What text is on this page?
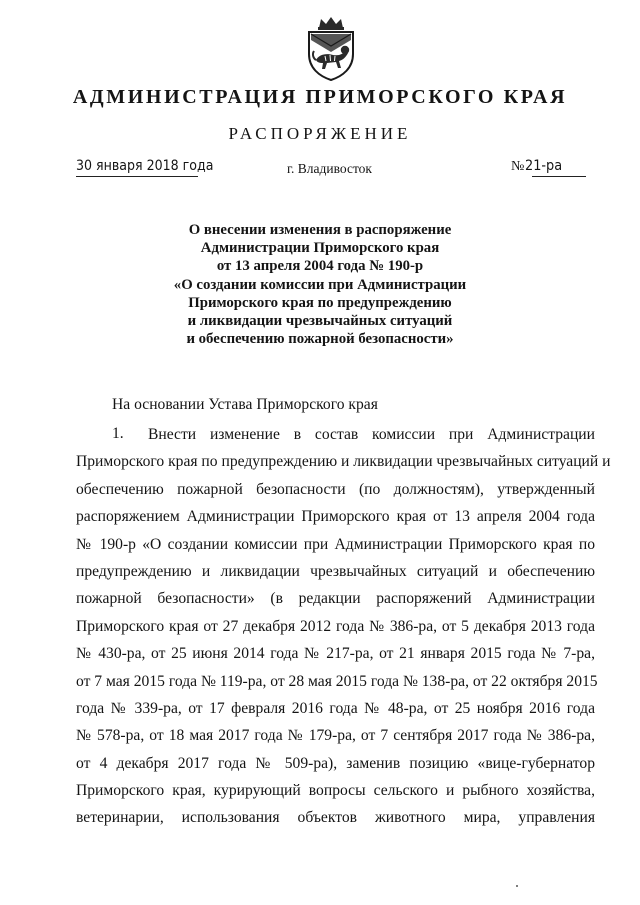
АДМИНИСТРАЦИЯ ПРИМОРСКОГО КРАЯ
РАСПОРЯЖЕНИЕ
30 января 2018 года	г. Владивосток	№21-ра
О внесении изменения в распоряжение
Администрации Приморского края
от 13 апреля 2004 года № 190-р
«О создании комиссии при Администрации
Приморского края по предупреждению
и ликвидации чрезвычайных ситуаций
и обеспечению пожарной безопасности»
На основании Устава Приморского края
1.	Внести изменение в состав комиссии при Администрации
Приморского края по предупреждению и ликвидации чрезвычайных ситуаций и
обеспечению пожарной безопасности (по должностям), утвержденный
распоряжением Администрации Приморского края от 13 апреля 2004 года
№ 190-р «О создании комиссии при Администрации Приморского края по
предупреждению и ликвидации чрезвычайных ситуаций и обеспечению
пожарной безопасности» (в редакции распоряжений Администрации
Приморского края от 27 декабря 2012 года № 386-ра, от 5 декабря 2013 года
№ 430-ра, от 25 июня 2014 года № 217-ра, от 21 января 2015 года № 7-ра,
от 7 мая 2015 года № 119-ра, от 28 мая 2015 года № 138-ра, от 22 октября 2015
года № 339-ра, от 17 февраля 2016 года № 48-ра, от 25 ноября 2016 года
№ 578-ра, от 18 мая 2017 года № 179-ра, от 7 сентября 2017 года № 386-ра,
от 4 декабря 2017 года № 509-ра), заменив позицию «вице-губернатор
Приморского края, курирующий вопросы сельского и рыбного хозяйства,
ветеринарии, использования объектов животного мира, управления
